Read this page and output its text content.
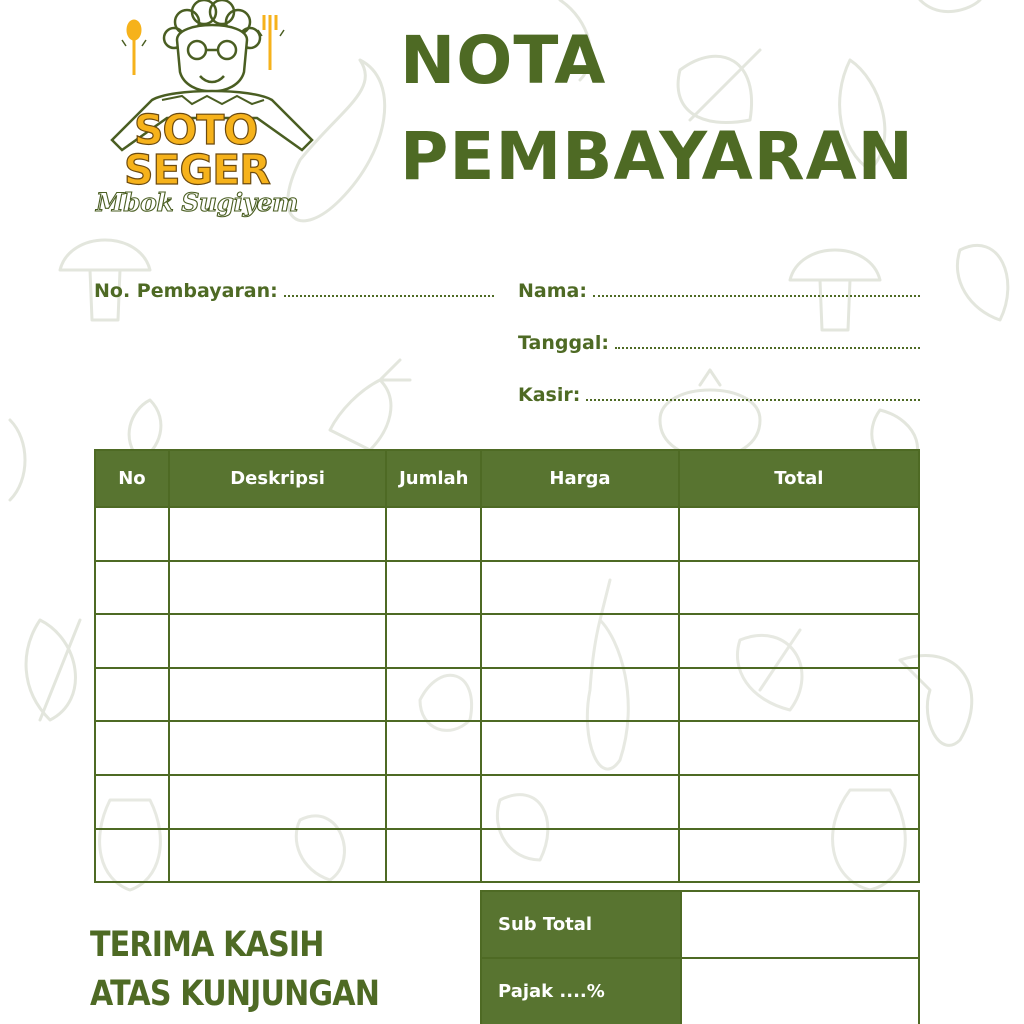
SOTO
SEGER
Mbok Sugiyem
NOTA
PEMBAYARAN
No. Pembayaran:	Nama:
Tanggal:
Kasir:
No	Deskripsi	Jumlah	Harga	Total

TERIMA KASIH
ATAS KUNJUNGAN
Sub Total	
Pajak ....%	
